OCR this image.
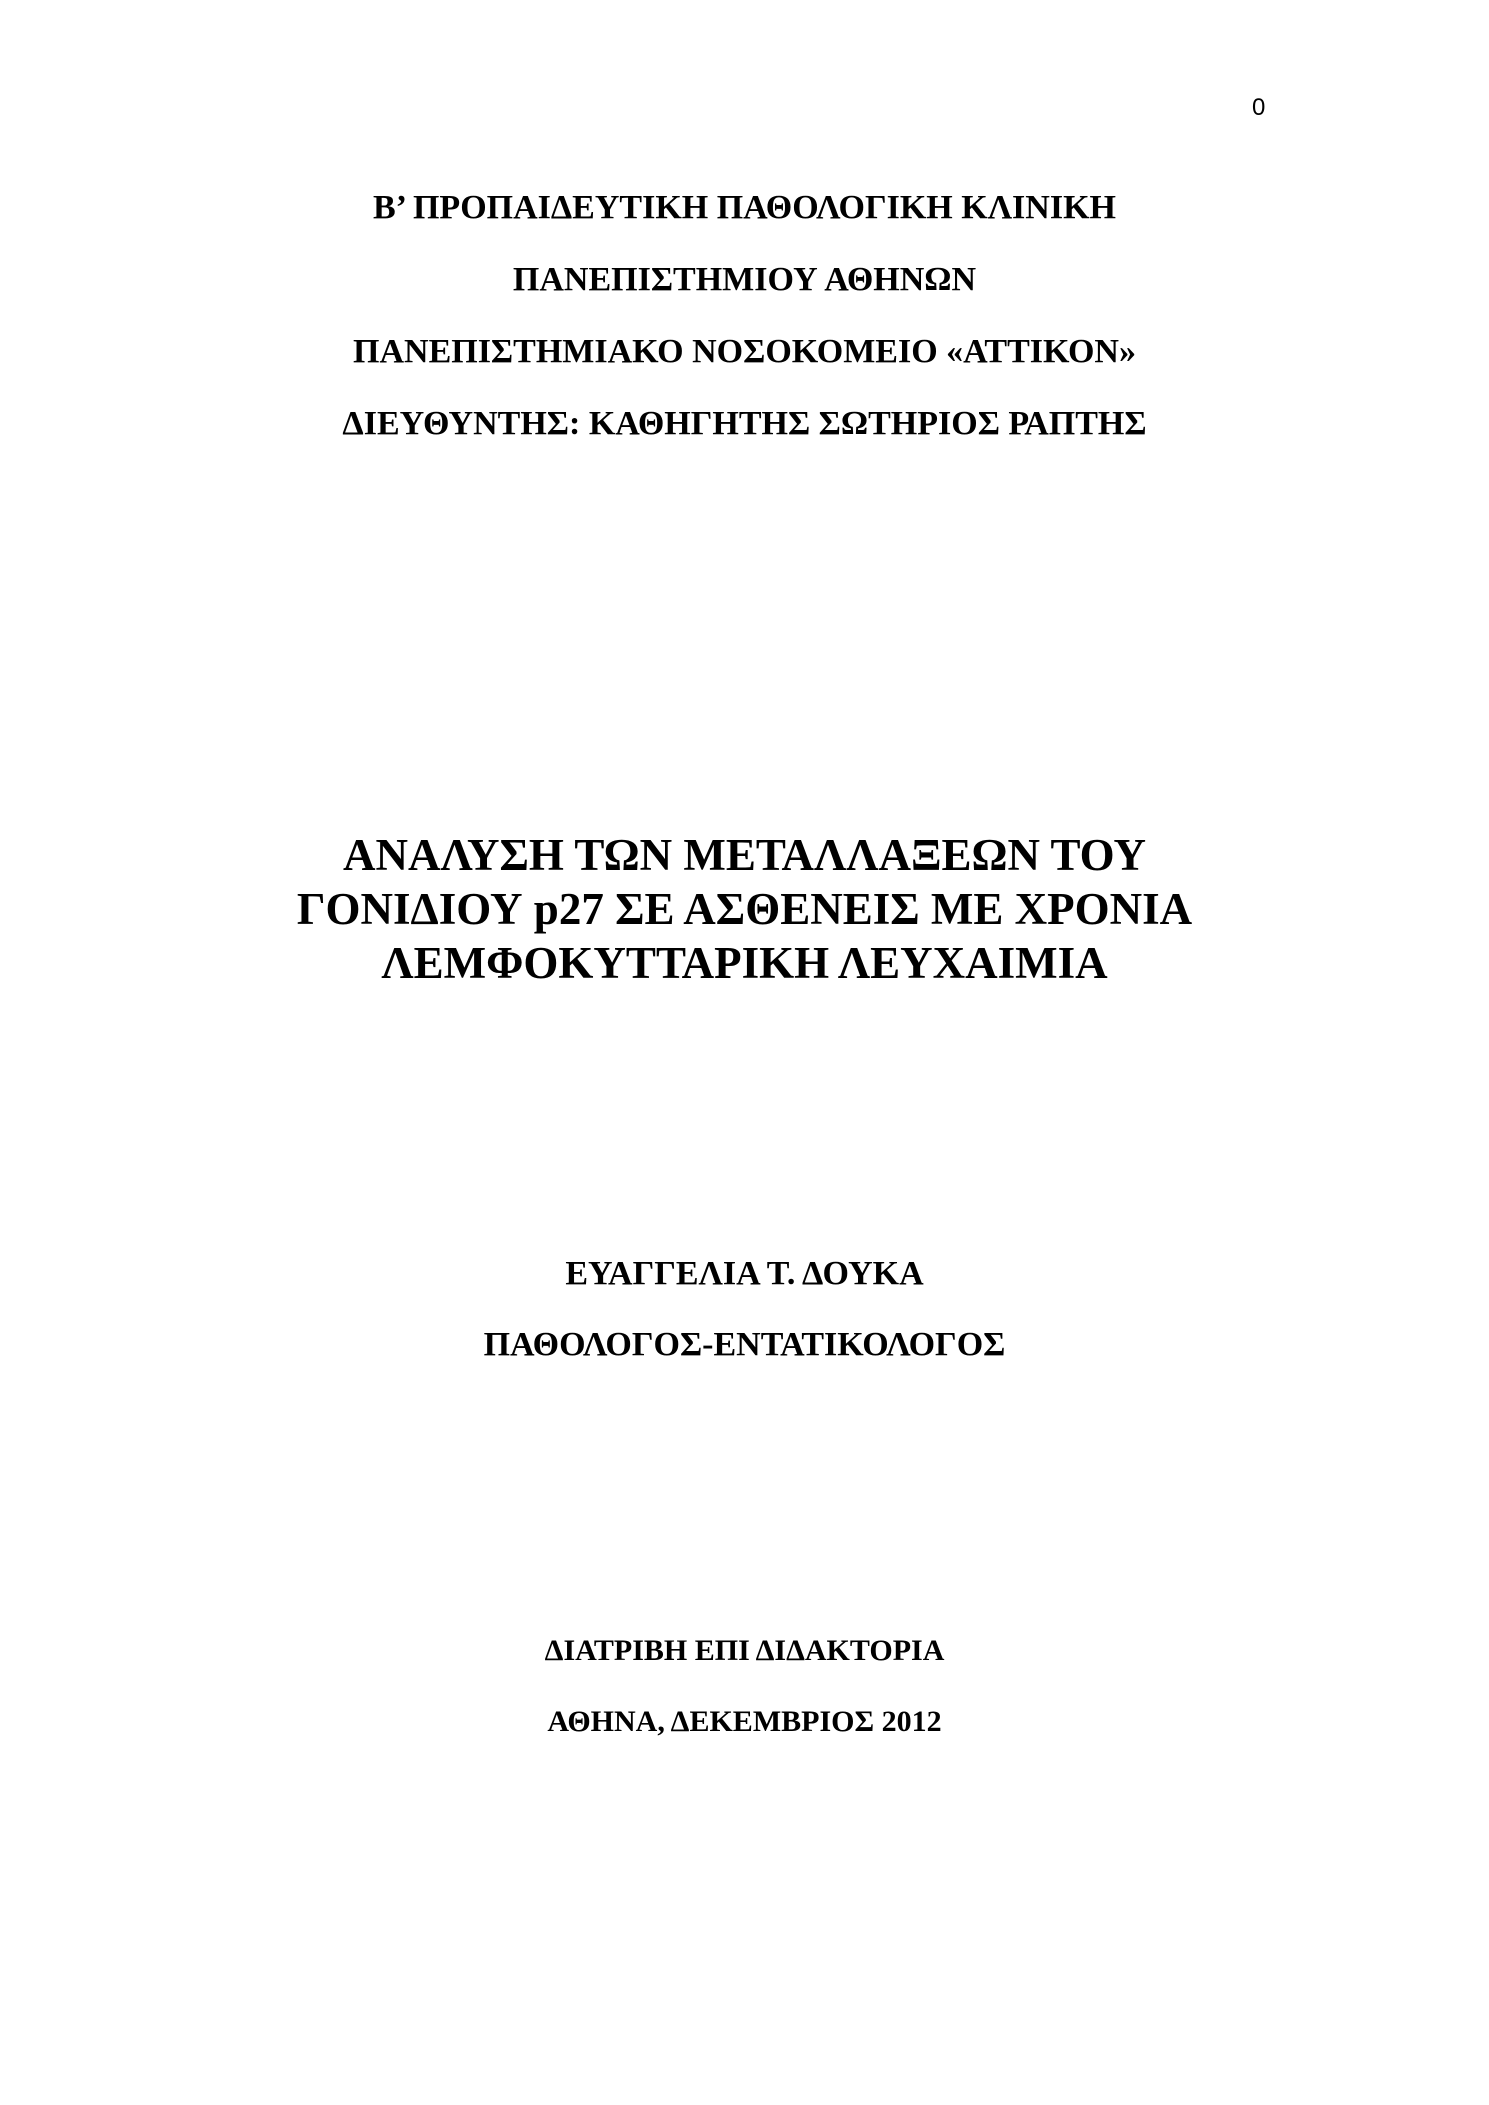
0
Β’ ΠΡΟΠΑΙΔΕΥΤΙΚΗ ΠΑΘΟΛΟΓΙΚΗ ΚΛΙΝΙΚΗ
ΠΑΝΕΠΙΣΤΗΜΙΟΥ ΑΘΗΝΩΝ
ΠΑΝΕΠΙΣΤΗΜΙΑΚΟ ΝΟΣΟΚΟΜΕΙΟ «ΑΤΤΙΚΟΝ»
ΔΙΕΥΘΥΝΤΗΣ: ΚΑΘΗΓΗΤΗΣ ΣΩΤΗΡΙΟΣ ΡΑΠΤΗΣ
ΑΝΑΛΥΣΗ ΤΩΝ ΜΕΤΑΛΛΑΞΕΩΝ ΤΟΥ
ΓΟΝΙΔΙΟΥ p27 ΣΕ ΑΣΘΕΝΕΙΣ ΜΕ ΧΡΟΝΙΑ
ΛΕΜΦΟΚΥΤΤΑΡΙΚΗ ΛΕΥΧΑΙΜΙΑ
ΕΥΑΓΓΕΛΙΑ Τ. ΔΟΥΚΑ
ΠΑΘΟΛΟΓΟΣ-ΕΝΤΑΤΙΚΟΛΟΓΟΣ
ΔΙΑΤΡΙΒΗ ΕΠΙ ΔΙΔΑΚΤΟΡΙΑ
ΑΘΗΝΑ, ΔΕΚΕΜΒΡΙΟΣ 2012
